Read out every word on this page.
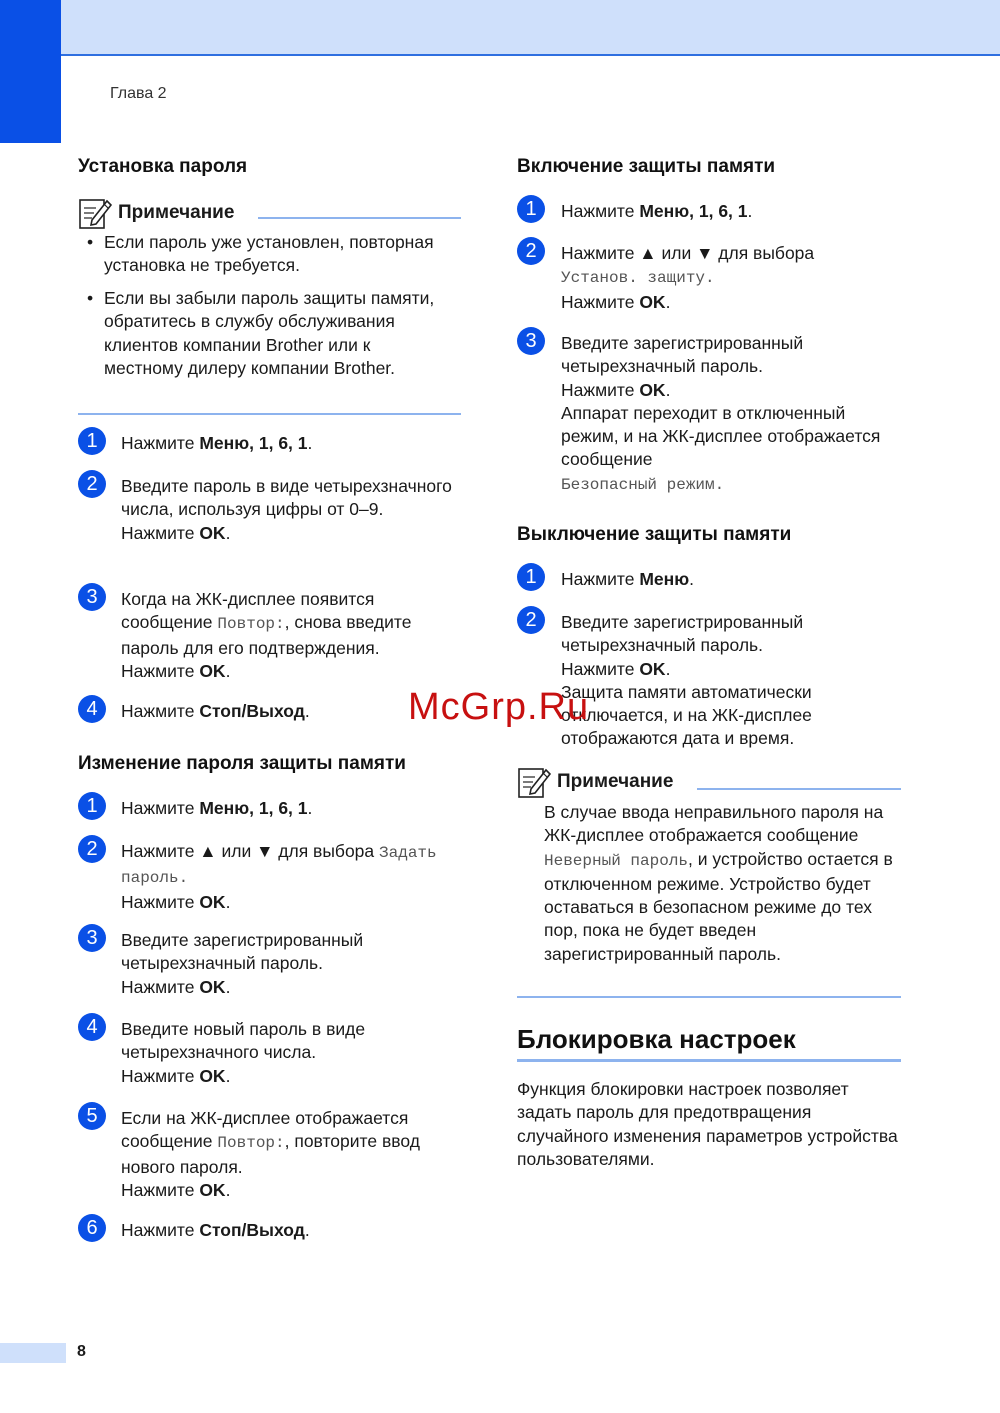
Глава 2
Установка пароля
Примечание
• Если пароль уже установлен, повторная установка не требуется.
• Если вы забыли пароль защиты памяти, обратитесь в службу обслуживания клиентов компании Brother или к местному дилеру компании Brother.
1	Нажмите Меню, 1, 6, 1.
2	Введите пароль в виде четырехзначного числа, используя цифры от 0–9.
Нажмите OK.
3	Когда на ЖК-дисплее появится сообщение Повтор:, снова введите пароль для его подтверждения.
Нажмите OK.
4	Нажмите Стоп/Выход.
Изменение пароля защиты памяти
1	Нажмите Меню, 1, 6, 1.
2	Нажмите ▲ или ▼ для выбора Задать пароль.
Нажмите OK.
3	Введите зарегистрированный четырехзначный пароль.
Нажмите OK.
4	Введите новый пароль в виде четырехзначного числа.
Нажмите OK.
5	Если на ЖК-дисплее отображается сообщение Повтор:, повторите ввод нового пароля.
Нажмите OK.
6	Нажмите Стоп/Выход.
Включение защиты памяти
1	Нажмите Меню, 1, 6, 1.
2	Нажмите ▲ или ▼ для выбора
Установ. защиту.
Нажмите OK.
3	Введите зарегистрированный четырехзначный пароль.
Нажмите OK.
Аппарат переходит в отключенный режим, и на ЖК-дисплее отображается сообщение
Безопасный режим.
Выключение защиты памяти
1	Нажмите Меню.
2	Введите зарегистрированный четырехзначный пароль.
Нажмите OK.
Защита памяти автоматически отключается, и на ЖК-дисплее отображаются дата и время.
Примечание
В случае ввода неправильного пароля на ЖК-дисплее отображается сообщение Неверный пароль, и устройство остается в отключенном режиме. Устройство будет оставаться в безопасном режиме до тех пор, пока не будет введен зарегистрированный пароль.
Блокировка настроек
Функция блокировки настроек позволяет задать пароль для предотвращения случайного изменения параметров устройства пользователями.
McGrp.Ru
8
